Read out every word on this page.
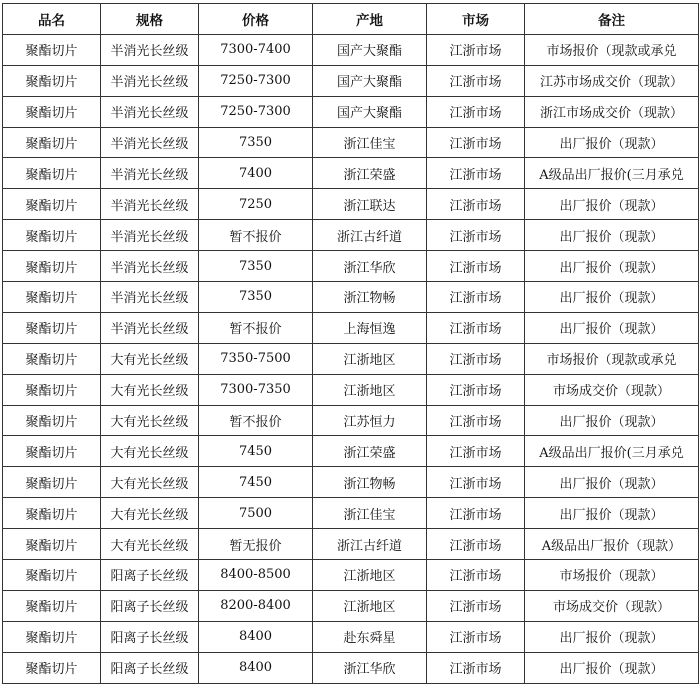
品名	规格	价格	产地	市场	备注
聚酯切片	半消光长丝级	7300-7400	国产大聚酯	江浙市场	市场报价（现款或承兑
聚酯切片	半消光长丝级	7250-7300	国产大聚酯	江浙市场	江苏市场成交价（现款）
聚酯切片	半消光长丝级	7250-7300	国产大聚酯	江浙市场	浙江市场成交价（现款）
聚酯切片	半消光长丝级	7350	浙江佳宝	江浙市场	出厂报价（现款）
聚酯切片	半消光长丝级	7400	浙江荣盛	江浙市场	A级品出厂报价(三月承兑
聚酯切片	半消光长丝级	7250	浙江联达	江浙市场	出厂报价（现款）
聚酯切片	半消光长丝级	暂不报价	浙江古纤道	江浙市场	出厂报价（现款）
聚酯切片	半消光长丝级	7350	浙江华欣	江浙市场	出厂报价（现款）
聚酯切片	半消光长丝级	7350	浙江物畅	江浙市场	出厂报价（现款）
聚酯切片	半消光长丝级	暂不报价	上海恒逸	江浙市场	出厂报价（现款）
聚酯切片	大有光长丝级	7350-7500	江浙地区	江浙市场	市场报价（现款或承兑
聚酯切片	大有光长丝级	7300-7350	江浙地区	江浙市场	市场成交价（现款）
聚酯切片	大有光长丝级	暂不报价	江苏恒力	江浙市场	出厂报价（现款）
聚酯切片	大有光长丝级	7450	浙江荣盛	江浙市场	A级品出厂报价(三月承兑
聚酯切片	大有光长丝级	7450	浙江物畅	江浙市场	出厂报价（现款）
聚酯切片	大有光长丝级	7500	浙江佳宝	江浙市场	出厂报价（现款）
聚酯切片	大有光长丝级	暂无报价	浙江古纤道	江浙市场	A级品出厂报价（现款）
聚酯切片	阳离子长丝级	8400-8500	江浙地区	江浙市场	市场报价（现款）
聚酯切片	阳离子长丝级	8200-8400	江浙地区	江浙市场	市场成交价（现款）
聚酯切片	阳离子长丝级	8400	赴东舜星	江浙市场	出厂报价（现款）
聚酯切片	阳离子长丝级	8400	浙江华欣	江浙市场	出厂报价（现款）
